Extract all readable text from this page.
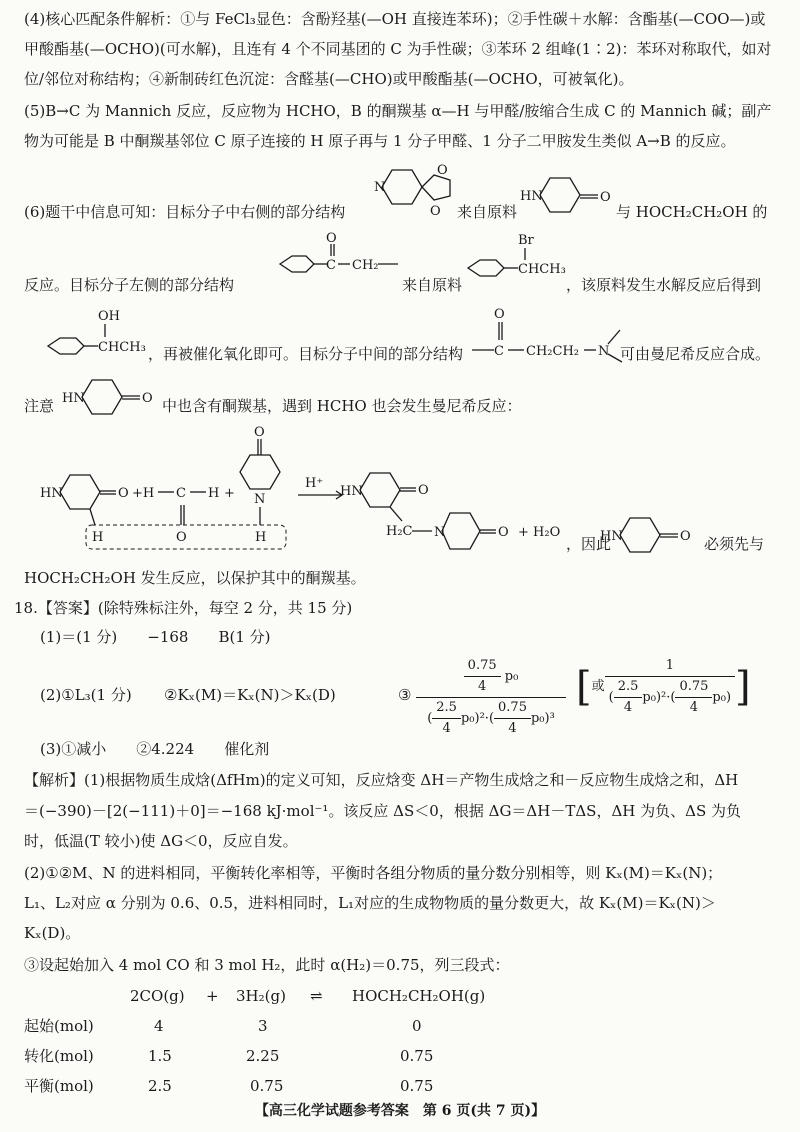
(4)核心匹配条件解析：①与 FeCl₃显色：含酚羟基(—OH 直接连苯环)；②手性碳＋水解：含酯基(—COO—)或
甲酸酯基(—OCHO)(可水解)，且连有 4 个不同基团的 C 为手性碳；③苯环 2 组峰(1∶2)：苯环对称取代，如对
位/邻位对称结构；④新制砖红色沉淀：含醛基(—CHO)或甲酸酯基(—OCHO，可被氧化)。
(5)B→C 为 Mannich 反应，反应物为 HCHO，B 的酮羰基 α—H 与甲醛/胺缩合生成 C 的 Mannich 碱；副产
物为可能是 B 中酮羰基邻位 C 原子连接的 H 原子再与 1 分子甲醛、1 分子二甲胺发生类似 A→B 的反应。
(6)题干中信息可知：目标分子中右侧的部分结构
N
O
O 来自原料
HN	O
与 HOCH₂CH₂OH 的
反应。目标分子左侧的部分结构
C
O
CH₂
来自原料
CHCH₃
Br
，该原料发生水解反应后得到
CHCH₃
OH
，再被催化氧化即可。目标分子中间的部分结构 C
O
CH₂CH₂ N 可由曼尼希反应合成。
注意 HN	O 中也含有酮羰基，遇到 HCHO 也会发生曼尼希反应：
HN	O
H
+H C
O
H +
O
N
H
H⁺
HN	O
H₂C N	O + H₂O
，因此
HN	O 必须先与
HOCH₂CH₂OH 发生反应，以保护其中的酮羰基。
18.【答案】(除特殊标注外，每空 2 分，共 15 分)
(1)＝(1 分)　　−168　　B(1 分)
(2)①L₃(1 分) ②Kₓ(M)＝Kₓ(N)＞Kₓ(D)	③ $\frac{\frac{0.75}{4} p_0}{( \frac{2.5}{4} p_0)^2\cdot( \frac{0.75}{4} p_0)^3}$ [或 $\frac{1}{( \frac{2.5}{4} p_0)^2\cdot( \frac{0.75}{4} p_0)}$ ]
(3)①减小　　②4.224　　催化剂
【解析】(1)根据物质生成焓(ΔfHm)的定义可知，反应焓变 ΔH＝产物生成焓之和－反应物生成焓之和，ΔH
＝(−390)－[2(−111)＋0]＝−168 kJ·mol⁻¹。该反应 ΔS＜0，根据 ΔG＝ΔH－TΔS，ΔH 为负、ΔS 为负
时，低温(T 较小)使 ΔG＜0，反应自发。
(2)①②M、N 的进料相同，平衡转化率相等，平衡时各组分物质的量分数分别相等，则 Kₓ(M)＝Kₓ(N)；
L₁、L₂对应 α 分别为 0.6、0.5，进料相同时，L₁对应的生成物物质的量分数更大，故 Kₓ(M)＝Kₓ(N)＞
Kₓ(D)。
③设起始加入 4 mol CO 和 3 mol H₂，此时 α(H₂)＝0.75，列三段式：
2CO(g) + 3H₂(g) ⇌ HOCH₂CH₂OH(g)
起始(mol)	4	3	0
转化(mol)	1.5	2.25	0.75
平衡(mol)	2.5	0.75	0.75
【高三化学试题参考答案　第 6 页(共 7 页)】
